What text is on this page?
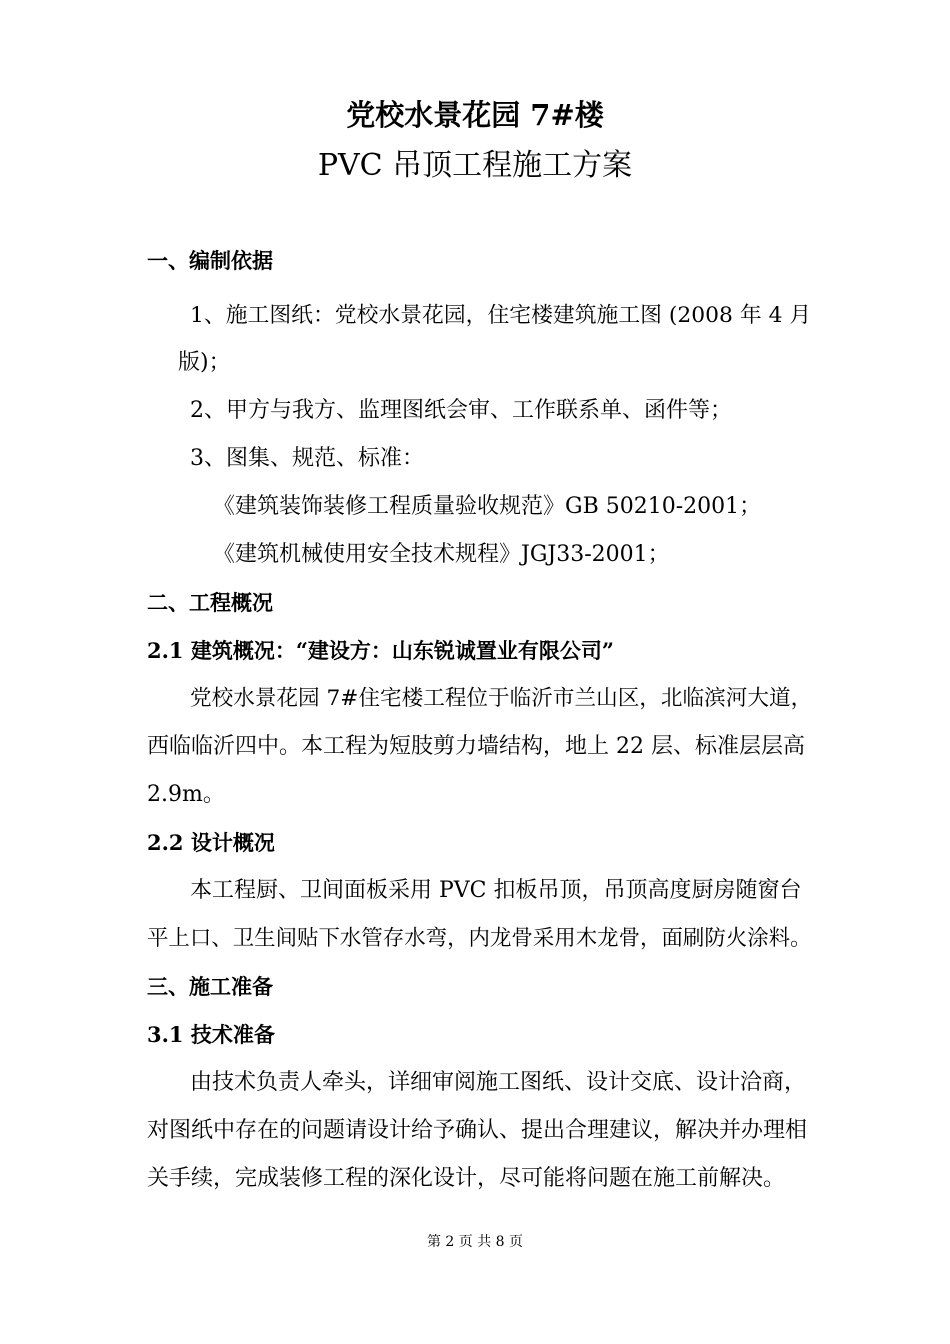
党校水景花园 7#楼
PVC 吊顶工程施工方案

一、编制依据

1、施工图纸：党校水景花园，住宅楼建筑施工图 (2008 年 4 月

版)；

2、甲方与我方、监理图纸会审、工作联系单、函件等；

3、图集、规范、标准：

《建筑装饰装修工程质量验收规范》GB 50210-2001；

《建筑机械使用安全技术规程》JGJ33-2001；

二、工程概况

2.1 建筑概况：“建设方：山东锐诚置业有限公司”

党校水景花园 7#住宅楼工程位于临沂市兰山区，北临滨河大道，

西临临沂四中。本工程为短肢剪力墙结构，地上 22 层、标准层层高

2.9m。

2.2 设计概况

本工程厨、卫间面板采用 PVC 扣板吊顶，吊顶高度厨房随窗台

平上口、卫生间贴下水管存水弯，内龙骨采用木龙骨，面刷防火涂料。

三、施工准备

3.1 技术准备

由技术负责人牵头，详细审阅施工图纸、设计交底、设计洽商，

对图纸中存在的问题请设计给予确认、提出合理建议，解决并办理相

关手续，完成装修工程的深化设计，尽可能将问题在施工前解决。

第 2 页 共 8 页
